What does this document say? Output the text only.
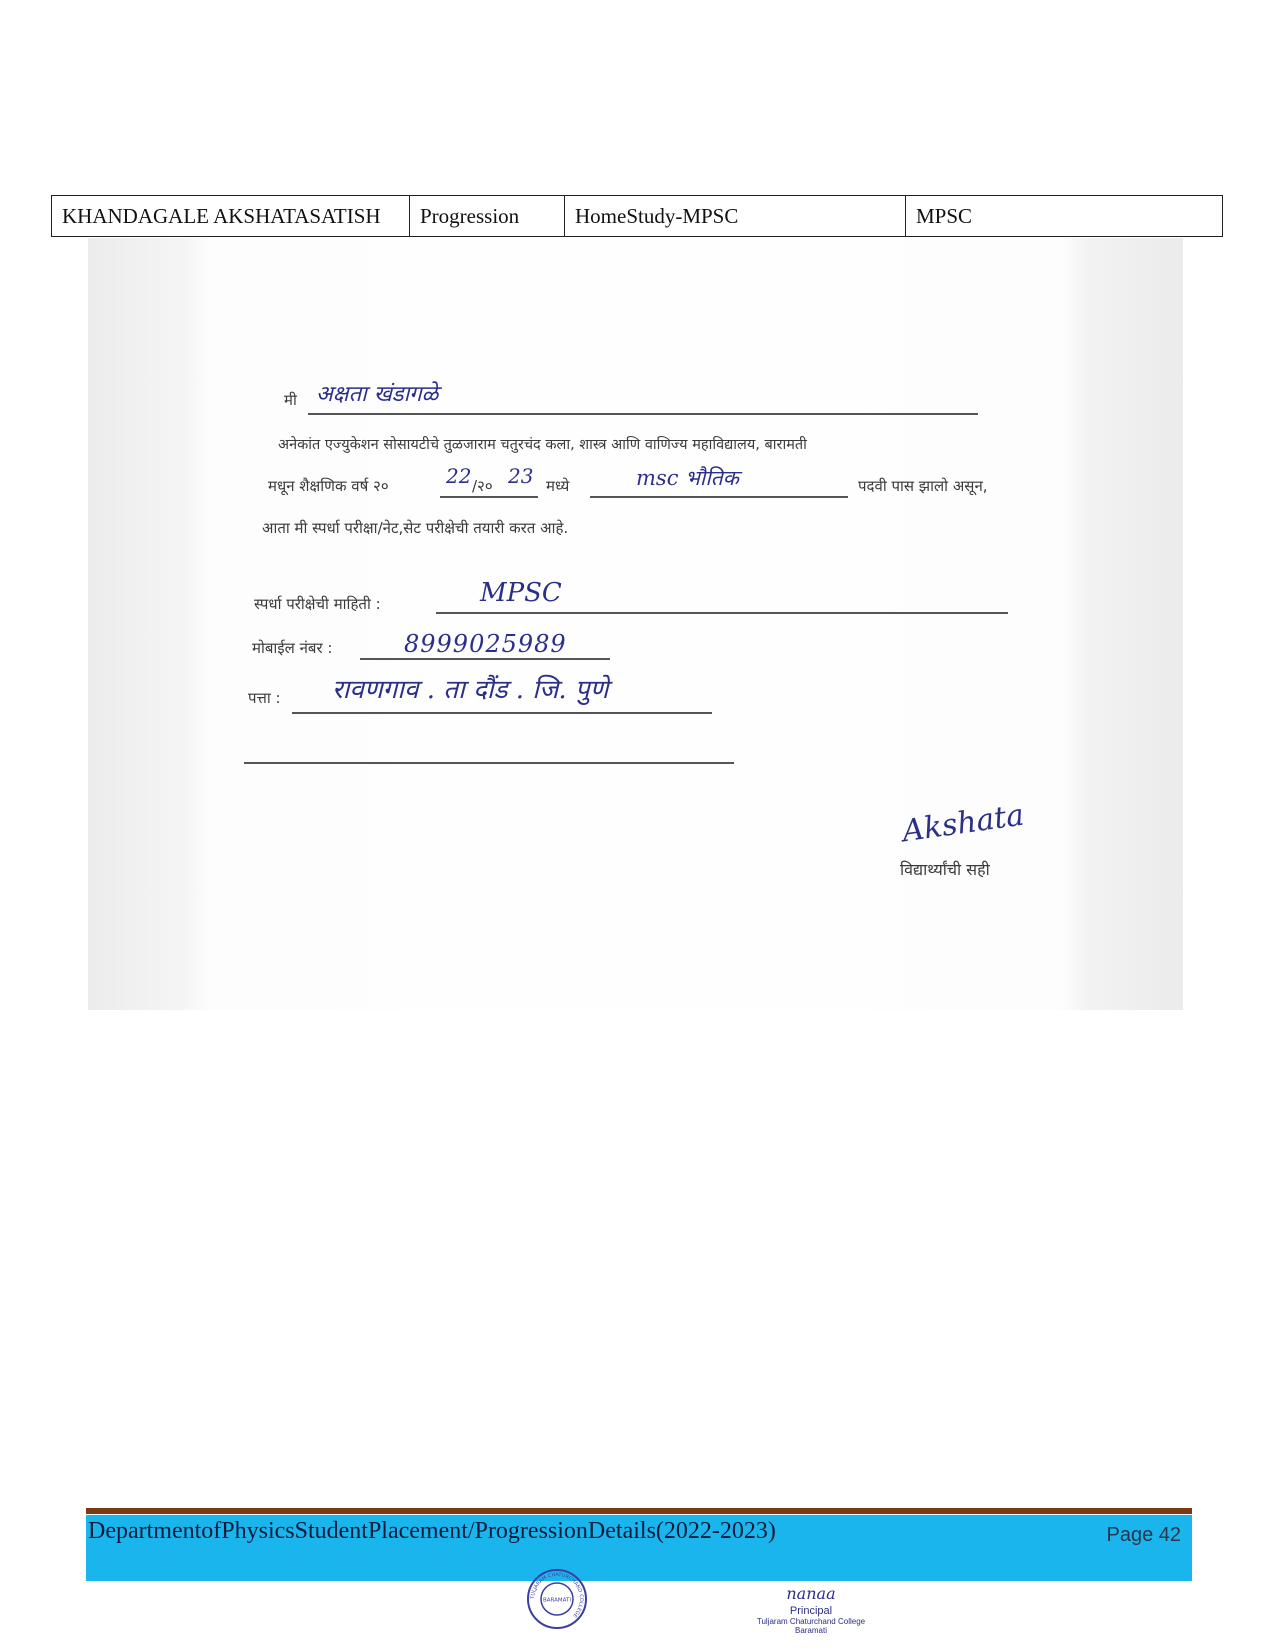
KHANDAGALE AKSHATASATISH	Progression	HomeStudy-MPSC	MPSC
मी अक्षता खंडागळे
अनेकांत एज्युकेशन सोसायटीचे तुळजाराम चतुरचंद कला, शास्त्र आणि वाणिज्य महाविद्यालय, बारामती
मधून शैक्षणिक वर्ष २०	22 /२० 23 मध्ये	msc भौतिक	पदवी पास झालो असून,
आता मी स्पर्धा परीक्षा/नेट,सेट परीक्षेची तयारी करत आहे.
स्पर्धा परीक्षेची माहिती :	MPSC
मोबाईल नंबर :	8999025989
पत्ता : रावणगाव . ता दौंड . जि. पुणे
Akshata
विद्यार्थ्यांची सही
DepartmentofPhysicsStudentPlacement/ProgressionDetails(2022-2023)	Page 42
TULJARAM CHATURCHAND COLLEGE
BARAMATI	nanaa
Principal
Tuljaram Chaturchand College
Baramati
